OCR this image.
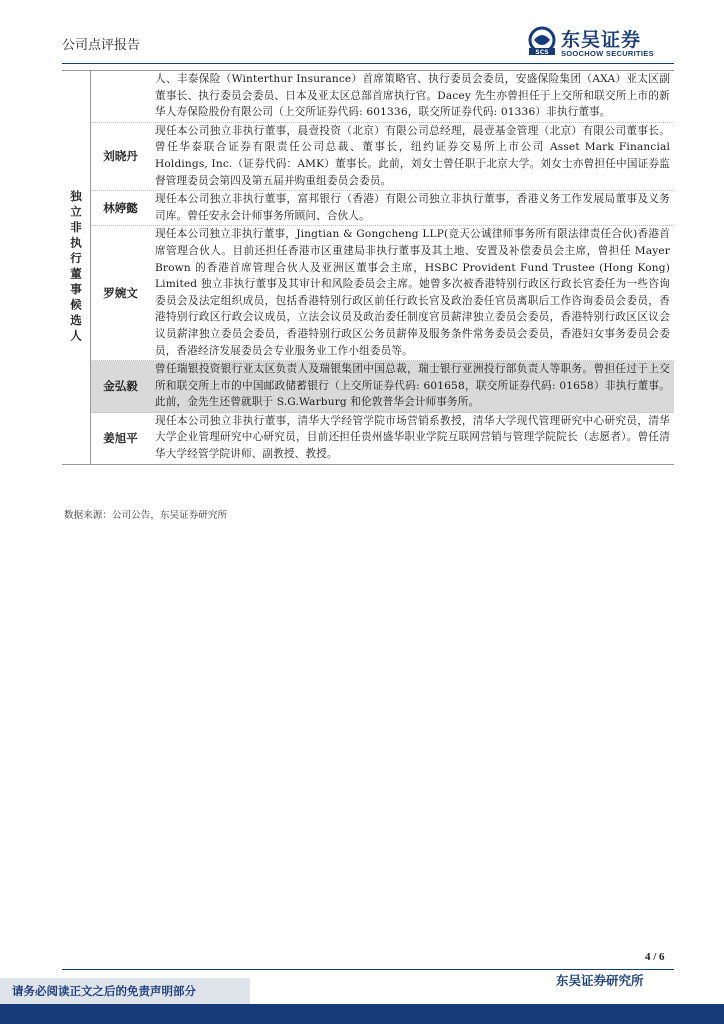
公司点评报告	SCS
东吴证券
SOOCHOW SECURITIES
独立非执行董事候选人
人、丰泰保险（Winterthur Insurance）首席策略官、执行委员会委员，安盛保险集团（AXA）亚太区副董事长、执行委员会委员、日本及亚太区总部首席执行官。Dacey 先生亦曾担任于上交所和联交所上市的新华人寿保险股份有限公司（上交所证券代码: 601336，联交所证券代码: 01336）非执行董事。
刘晓丹
现任本公司独立非执行董事，晨壹投资（北京）有限公司总经理，晨壹基金管理（北京）有限公司董事长。曾任华泰联合证券有限责任公司总裁、董事长，纽约证券交易所上市公司 Asset Mark Financial Holdings, Inc.（证券代码：AMK）董事长。此前，刘女士曾任职于北京大学。刘女士亦曾担任中国证券监督管理委员会第四及第五届并购重组委员会委员。
林婷懿
现任本公司独立非执行董事，富邦银行（香港）有限公司独立非执行董事，香港义务工作发展局董事及义务司库。曾任安永会计师事务所顾问、合伙人。
罗婉文
现任本公司独立非执行董事，Jingtian & Gongcheng LLP(竞天公诚律师事务所有限法律责任合伙)香港首席管理合伙人。目前还担任香港市区重建局非执行董事及其土地、安置及补偿委员会主席，曾担任 Mayer Brown 的香港首席管理合伙人及亚洲区董事会主席，HSBC Provident Fund Trustee (Hong Kong) Limited 独立非执行董事及其审计和风险委员会主席。她曾多次被香港特别行政区行政长官委任为一些咨询委员会及法定组织成员，包括香港特别行政区前任行政长官及政治委任官员离职后工作咨询委员会委员，香港特别行政区行政会议成员，立法会议员及政治委任制度官员薪津独立委员会委员，香港特别行政区区议会议员薪津独立委员会委员，香港特别行政区公务员薪俸及服务条件常务委员会委员，香港妇女事务委员会委员，香港经济发展委员会专业服务业工作小组委员等。
金弘毅
曾任瑞银投资银行亚太区负责人及瑞银集团中国总裁，瑞士银行亚洲投行部负责人等职务。曾担任过于上交所和联交所上市的中国邮政储蓄银行（上交所证券代码: 601658，联交所证券代码: 01658）非执行董事。此前，金先生还曾就职于 S.G.Warburg 和伦敦普华会计师事务所。
姜旭平
现任本公司独立非执行董事，清华大学经管学院市场营销系教授，清华大学现代管理研究中心研究员，清华大学企业管理研究中心研究员，目前还担任贵州盛华职业学院互联网营销与管理学院院长（志愿者）。曾任清华大学经管学院讲师、副教授、教授。
数据来源：公司公告，东吴证券研究所
4 / 6
东吴证券研究所
请务必阅读正文之后的免责声明部分
